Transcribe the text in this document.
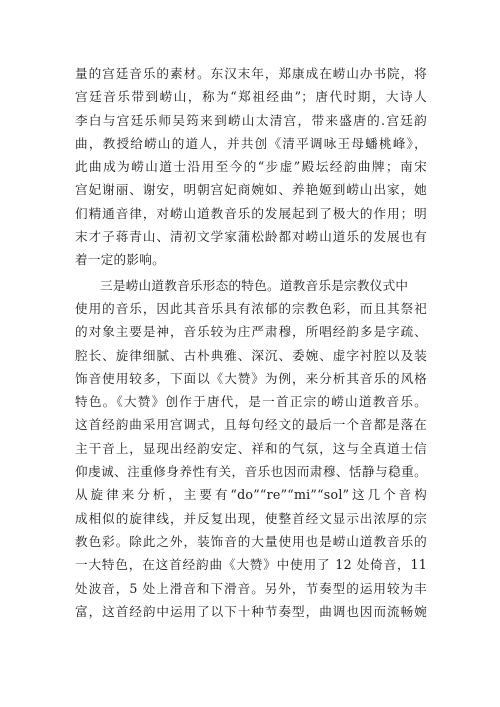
量的宫廷音乐的素材。东汉末年，郑康成在崂山办书院，将
宫廷音乐带到崂山，称为“郑祖经曲”；唐代时期，大诗人
李白与宫廷乐师吴筠来到崂山太清宫，带来盛唐的.宫廷韵
曲，教授给崂山的道人，并共创《清平调咏王母蟠桃峰》，
此曲成为崂山道士沿用至今的“步虚”殿坛经韵曲牌；南宋
宫妃谢丽、谢安，明朝宫妃商婉如、养艳姬到崂山出家，她
们精通音律，对崂山道教音乐的发展起到了极大的作用；明
末才子蒋青山、清初文学家蒲松龄都对崂山道乐的发展也有
着一定的影响。
三是崂山道教音乐形态的特色。道教音乐是宗教仪式中
使用的音乐，因此其音乐具有浓郁的宗教色彩，而且其祭祀
的对象主要是神，音乐较为庄严肃穆，所唱经韵多是字疏、
腔长、旋律细腻、古朴典雅、深沉、委婉、虚字衬腔以及装
饰音使用较多，下面以《大赞》为例，来分析其音乐的风格
特色。《大赞》创作于唐代，是一首正宗的崂山道教音乐。
这首经韵曲采用宫调式，且每句经文的最后一个音都是落在
主干音上，显现出经韵安定、祥和的气氛，这与全真道士信
仰虔诚、注重修身养性有关，音乐也因而肃穆、恬静与稳重。
从旋律来分析，主要有“do”“re”“mi”“sol”这几个音构
成相似的旋律线，并反复出现，使整首经文显示出浓厚的宗
教色彩。除此之外，装饰音的大量使用也是崂山道教音乐的
一大特色，在这首经韵曲《大赞》中使用了 12 处倚音，11
处波音，5 处上滑音和下滑音。另外，节奏型的运用较为丰
富，这首经韵中运用了以下十种节奏型，曲调也因而流畅婉
